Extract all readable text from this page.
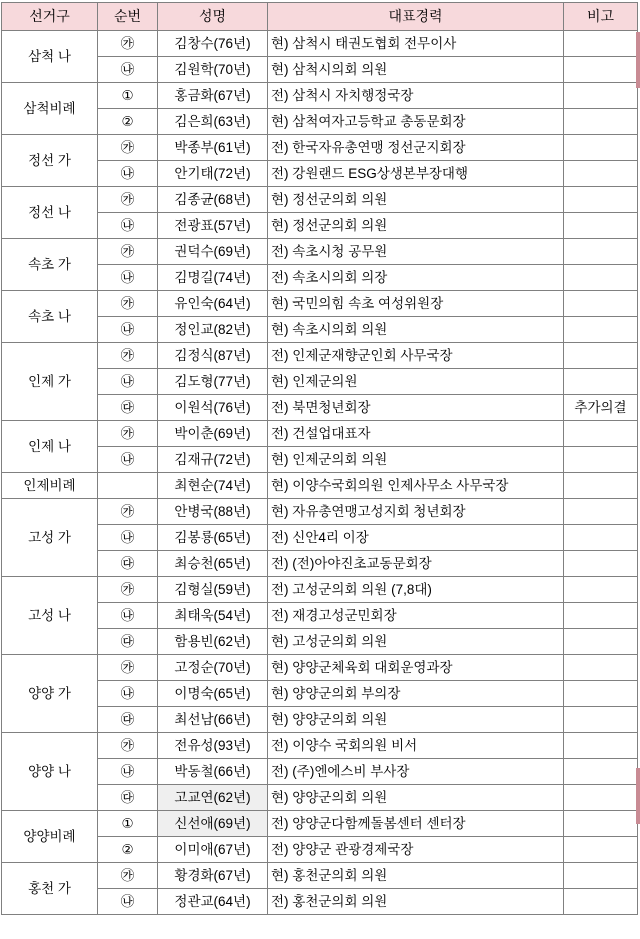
선거구	순번	성명	대표경력	비고
삼척 나	㉮	김창수(76년)	현) 삼척시 태권도협회 전무이사	
	㉯	김원학(70년)	현) 삼척시의회 의원	
삼척비례	①	홍금화(67년)	전) 삼척시 자치행정국장	
	②	김은희(63년)	현) 삼척여자고등학교 총동문회장	
정선 가	㉮	박종부(61년)	전) 한국자유총연맹 정선군지회장	
	㉯	안기태(72년)	전) 강원랜드 ESG상생본부장대행	
정선 나	㉮	김종균(68년)	현) 정선군의회 의원	
	㉯	전광표(57년)	현) 정선군의회 의원	
속초 가	㉮	권덕수(69년)	전) 속초시청 공무원	
	㉯	김명길(74년)	전) 속초시의회 의장	
속초 나	㉮	유인숙(64년)	현) 국민의힘 속초 여성위원장	
	㉯	정인교(82년)	현) 속초시의회 의원	
인제 가	㉮	김정식(87년)	전) 인제군재향군인회 사무국장	
	㉯	김도형(77년)	현) 인제군의원	
	㉰	이원석(76년)	전) 북면청년회장	추가의결
인제 나	㉮	박이춘(69년)	전) 건설업대표자	
	㉯	김재규(72년)	현) 인제군의회 의원	
인제비례		최현순(74년)	현) 이양수국회의원 인제사무소 사무국장	
고성 가	㉮	안병국(88년)	현) 자유총연맹고성지회 청년회장	
	㉯	김봉룡(65년)	전) 신안4리 이장	
	㉰	최승천(65년)	전) (전)아야진초교동문회장	
고성 나	㉮	김형실(59년)	전) 고성군의회 의원 (7,8대)	
	㉯	최태욱(54년)	전) 재경고성군민회장	
	㉰	함용빈(62년)	현) 고성군의회 의원	
양양 가	㉮	고정순(70년)	현) 양양군체육회 대회운영과장	
	㉯	이명숙(65년)	현) 양양군의회 부의장	
	㉰	최선남(66년)	현) 양양군의회 의원	
양양 나	㉮	전유성(93년)	전) 이양수 국회의원 비서	
	㉯	박동철(66년)	전) (주)엔에스비 부사장	
	㉰	고교연(62년)	현) 양양군의회 의원	
양양비례	①	신선애(69년)	전) 양양군다함께돌봄센터 센터장	
	②	이미애(67년)	전) 양양군 관광경제국장	
홍천 가	㉮	황경화(67년)	현) 홍천군의회 의원	
	㉯	정관교(64년)	전) 홍천군의회 의원	
